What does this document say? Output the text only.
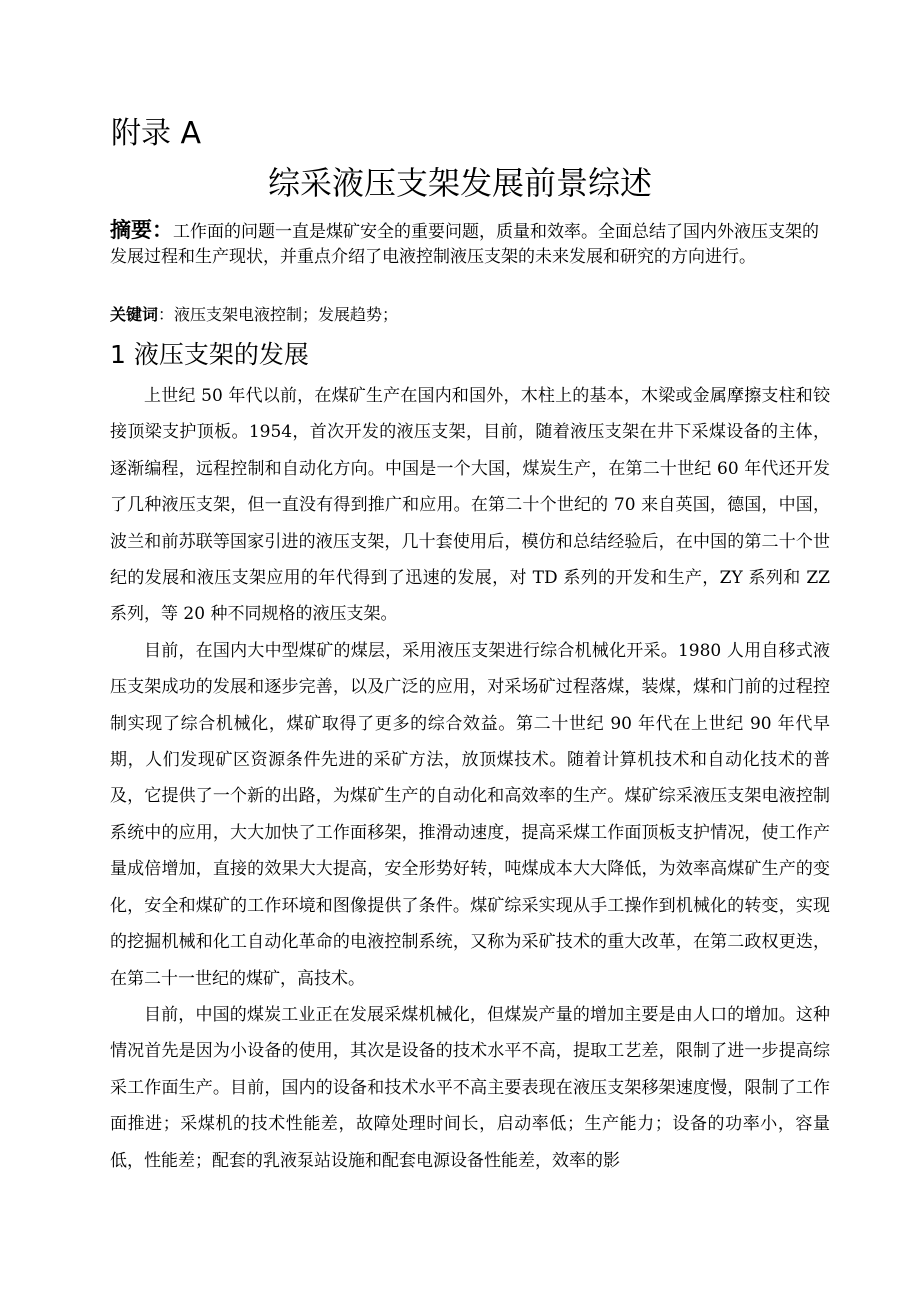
附录 A
综采液压支架发展前景综述
摘要：工作面的问题一直是煤矿安全的重要问题，质量和效率。全面总结了国内外液压支架的发展过程和生产现状，并重点介绍了电液控制液压支架的未来发展和研究的方向进行。
关键词：液压支架电液控制；发展趋势；
1 液压支架的发展

上世纪 50 年代以前，在煤矿生产在国内和国外，木柱上的基本，木梁或金属摩擦支柱和铰接顶梁支护顶板。1954，首次开发的液压支架，目前，随着液压支架在井下采煤设备的主体，逐渐编程，远程控制和自动化方向。中国是一个大国，煤炭生产，在第二十世纪 60 年代还开发了几种液压支架，但一直没有得到推广和应用。在第二十个世纪的 70 来自英国，德国，中国，波兰和前苏联等国家引进的液压支架，几十套使用后，模仿和总结经验后，在中国的第二十个世纪的发展和液压支架应用的年代得到了迅速的发展，对 TD 系列的开发和生产，ZY 系列和 ZZ 系列，等 20 种不同规格的液压支架。

目前，在国内大中型煤矿的煤层，采用液压支架进行综合机械化开采。1980 人用自移式液压支架成功的发展和逐步完善，以及广泛的应用，对采场矿过程落煤，装煤，煤和门前的过程控制实现了综合机械化，煤矿取得了更多的综合效益。第二十世纪 90 年代在上世纪 90 年代早期，人们发现矿区资源条件先进的采矿方法，放顶煤技术。随着计算机技术和自动化技术的普及，它提供了一个新的出路，为煤矿生产的自动化和高效率的生产。煤矿综采液压支架电液控制系统中的应用，大大加快了工作面移架，推滑动速度，提高采煤工作面顶板支护情况，使工作产量成倍增加，直接的效果大大提高，安全形势好转，吨煤成本大大降低，为效率高煤矿生产的变化，安全和煤矿的工作环境和图像提供了条件。煤矿综采实现从手工操作到机械化的转变，实现的挖掘机械和化工自动化革命的电液控制系统，又称为采矿技术的重大改革，在第二政权更迭，在第二十一世纪的煤矿，高技术。

目前，中国的煤炭工业正在发展采煤机械化，但煤炭产量的增加主要是由人口的增加。这种情况首先是因为小设备的使用，其次是设备的技术水平不高，提取工艺差，限制了进一步提高综采工作面生产。目前，国内的设备和技术水平不高主要表现在液压支架移架速度慢，限制了工作面推进；采煤机的技术性能差，故障处理时间长，启动率低；生产能力；设备的功率小，容量低，性能差；配套的乳液泵站设施和配套电源设备性能差，效率的影
